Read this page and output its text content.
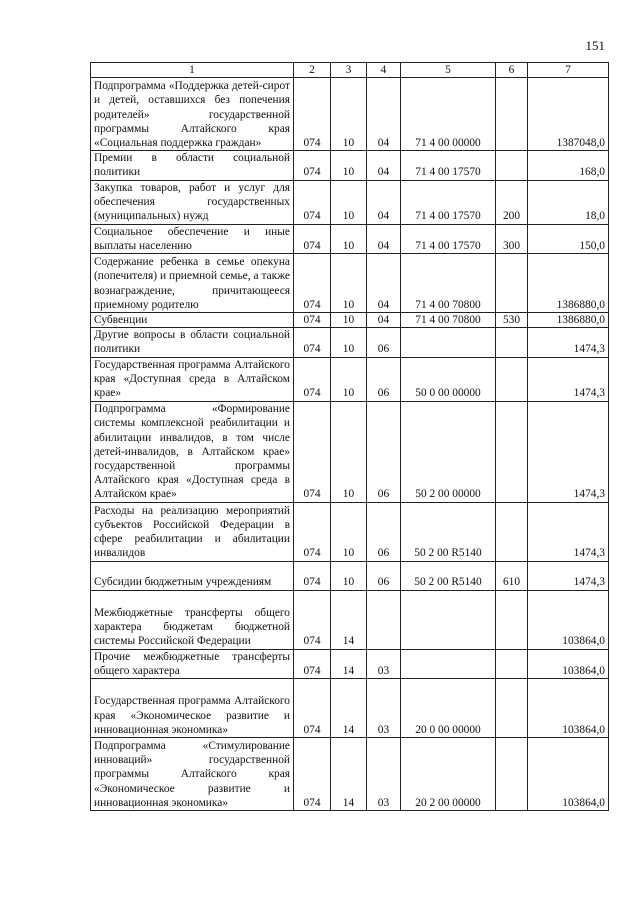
151
1	2	3	4	5	6	7
Подпрограмма «Поддержка детей-сирот и детей, оставшихся без попечения родителей» государственной программы Алтайского края «Социальная поддержка граждан»	074	10	04	71 4 00 00000		1387048,0
Премии в области социальной политики	074	10	04	71 4 00 17570		168,0
Закупка товаров, работ и услуг для обеспечения государственных (муниципальных) нужд	074	10	04	71 4 00 17570	200	18,0
Социальное обеспечение и иные выплаты населению	074	10	04	71 4 00 17570	300	150,0
Содержание ребенка в семье опекуна (попечителя) и приемной семье, а также вознаграждение, причитающееся приемному родителю	074	10	04	71 4 00 70800		1386880,0
Субвенции	074	10	04	71 4 00 70800	530	1386880,0
Другие вопросы в области социальной политики	074	10	06			1474,3
Государственная программа Алтайского края «Доступная среда в Алтайском крае»	074	10	06	50 0 00 00000		1474,3
Подпрограмма «Формирование системы комплексной реабилитации и абилитации инвалидов, в том числе детей-инвалидов, в Алтайском крае» государственной программы Алтайского края «Доступная среда в Алтайском крае»	074	10	06	50 2 00 00000		1474,3
Расходы на реализацию мероприятий субъектов Российской Федерации в сфере реабилитации и абилитации инвалидов	074	10	06	50 2 00 R5140		1474,3
Субсидии бюджетным учреждениям	074	10	06	50 2 00 R5140	610	1474,3
Межбюджетные трансферты общего характера бюджетам бюджетной системы Российской Федерации	074	14				103864,0
Прочие межбюджетные трансферты общего характера	074	14	03			103864,0
Государственная программа Алтайского края «Экономическое развитие и инновационная экономика»	074	14	03	20 0 00 00000		103864,0
Подпрограмма «Стимулирование инноваций» государственной программы Алтайского края «Экономическое развитие и инновационная экономика»	074	14	03	20 2 00 00000		103864,0
